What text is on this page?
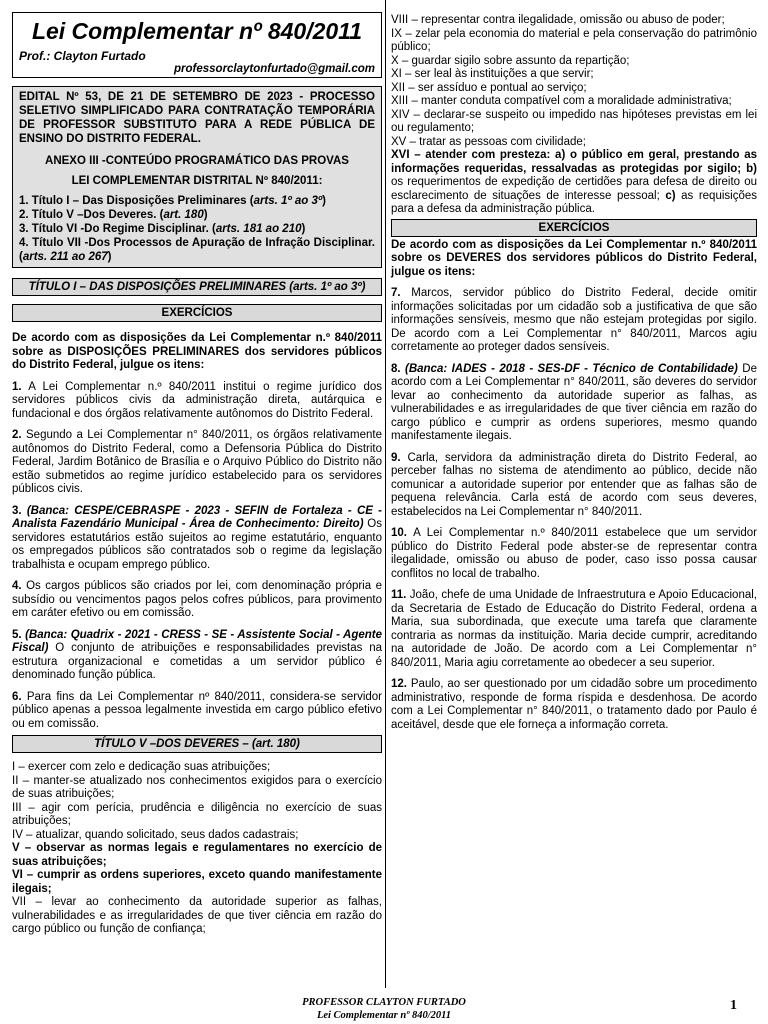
Lei Complementar nº 840/2011
Prof.: Clayton Furtado
professorclaytonfurtado@gmail.com
EDITAL Nº 53, DE 21 DE SETEMBRO DE 2023 - PROCESSO SELETIVO SIMPLIFICADO PARA CONTRATAÇÃO TEMPORÁRIA DE PROFESSOR SUBSTITUTO PARA A REDE PÚBLICA DE ENSINO DO DISTRITO FEDERAL.
ANEXO III -CONTEÚDO PROGRAMÁTICO DAS PROVAS
LEI COMPLEMENTAR DISTRITAL Nº 840/2011:
1. Título I – Das Disposições Preliminares (arts. 1º ao 3º)
2. Título V –Dos Deveres. (art. 180)
3. Título VI -Do Regime Disciplinar. (arts. 181 ao 210)
4. Título VII -Dos Processos de Apuração de Infração Disciplinar. (arts. 211 ao 267)
TÍTULO I – DAS DISPOSIÇÕES PRELIMINARES (arts. 1º ao 3º)
EXERCÍCIOS
De acordo com as disposições da Lei Complementar n.º 840/2011 sobre as DISPOSIÇÕES PRELIMINARES dos servidores públicos do Distrito Federal, julgue os itens:
1. A Lei Complementar n.º 840/2011 institui o regime jurídico dos servidores públicos civis da administração direta, autárquica e fundacional e dos órgãos relativamente autônomos do Distrito Federal.
2. Segundo a Lei Complementar n° 840/2011, os órgãos relativamente autônomos do Distrito Federal, como a Defensoria Pública do Distrito Federal, Jardim Botânico de Brasília e o Arquivo Público do Distrito não estão submetidos ao regime jurídico estabelecido para os servidores públicos civis.
3. (Banca: CESPE/CEBRASPE - 2023 - SEFIN de Fortaleza - CE - Analista Fazendário Municipal - Área de Conhecimento: Direito) Os servidores estatutários estão sujeitos ao regime estatutário, enquanto os empregados públicos são contratados sob o regime da legislação trabalhista e ocupam emprego público.
4. Os cargos públicos são criados por lei, com denominação própria e subsídio ou vencimentos pagos pelos cofres públicos, para provimento em caráter efetivo ou em comissão.
5. (Banca: Quadrix - 2021 - CRESS - SE - Assistente Social - Agente Fiscal) O conjunto de atribuições e responsabilidades previstas na estrutura organizacional e cometidas a um servidor público é denominado função pública.
6. Para fins da Lei Complementar nº 840/2011, considera-se servidor público apenas a pessoa legalmente investida em cargo público efetivo ou em comissão.
TÍTULO V –DOS DEVERES – (art. 180)
I – exercer com zelo e dedicação suas atribuições;
II – manter-se atualizado nos conhecimentos exigidos para o exercício de suas atribuições;
III – agir com perícia, prudência e diligência no exercício de suas atribuições;
IV – atualizar, quando solicitado, seus dados cadastrais;
V – observar as normas legais e regulamentares no exercício de suas atribuições;
VI – cumprir as ordens superiores, exceto quando manifestamente ilegais;
VII – levar ao conhecimento da autoridade superior as falhas, vulnerabilidades e as irregularidades de que tiver ciência em razão do cargo público ou função de confiança;
VIII – representar contra ilegalidade, omissão ou abuso de poder;
IX – zelar pela economia do material e pela conservação do patrimônio público;
X – guardar sigilo sobre assunto da repartição;
XI – ser leal às instituições a que servir;
XII – ser assíduo e pontual ao serviço;
XIII – manter conduta compatível com a moralidade administrativa;
XIV – declarar-se suspeito ou impedido nas hipóteses previstas em lei ou regulamento;
XV – tratar as pessoas com civilidade;
XVI – atender com presteza: a) o público em geral, prestando as informações requeridas, ressalvadas as protegidas por sigilo; b) os requerimentos de expedição de certidões para defesa de direito ou esclarecimento de situações de interesse pessoal; c) as requisições para a defesa da administração pública.
EXERCÍCIOS
De acordo com as disposições da Lei Complementar n.º 840/2011 sobre os DEVERES dos servidores públicos do Distrito Federal, julgue os itens:
7. Marcos, servidor público do Distrito Federal, decide omitir informações solicitadas por um cidadão sob a justificativa de que são informações sensíveis, mesmo que não estejam protegidas por sigilo. De acordo com a Lei Complementar n° 840/2011, Marcos agiu corretamente ao proteger dados sensíveis.
8. (Banca: IADES - 2018 - SES-DF - Técnico de Contabilidade) De acordo com a Lei Complementar n° 840/2011, são deveres do servidor levar ao conhecimento da autoridade superior as falhas, as vulnerabilidades e as irregularidades de que tiver ciência em razão do cargo público e cumprir as ordens superiores, mesmo quando manifestamente ilegais.
9. Carla, servidora da administração direta do Distrito Federal, ao perceber falhas no sistema de atendimento ao público, decide não comunicar a autoridade superior por entender que as falhas são de pequena relevância. Carla está de acordo com seus deveres, estabelecidos na Lei Complementar n° 840/2011.
10. A Lei Complementar n.º 840/2011 estabelece que um servidor público do Distrito Federal pode abster-se de representar contra ilegalidade, omissão ou abuso de poder, caso isso possa causar conflitos no local de trabalho.
11. João, chefe de uma Unidade de Infraestrutura e Apoio Educacional, da Secretaria de Estado de Educação do Distrito Federal, ordena a Maria, sua subordinada, que execute uma tarefa que claramente contraria as normas da instituição. Maria decide cumprir, acreditando na autoridade de João. De acordo com a Lei Complementar n° 840/2011, Maria agiu corretamente ao obedecer a seu superior.
12. Paulo, ao ser questionado por um cidadão sobre um procedimento administrativo, responde de forma ríspida e desdenhosa. De acordo com a Lei Complementar n° 840/2011, o tratamento dado por Paulo é aceitável, desde que ele forneça a informação correta.
PROFESSOR CLAYTON FURTADO
Lei Complementar nº 840/2011
1
